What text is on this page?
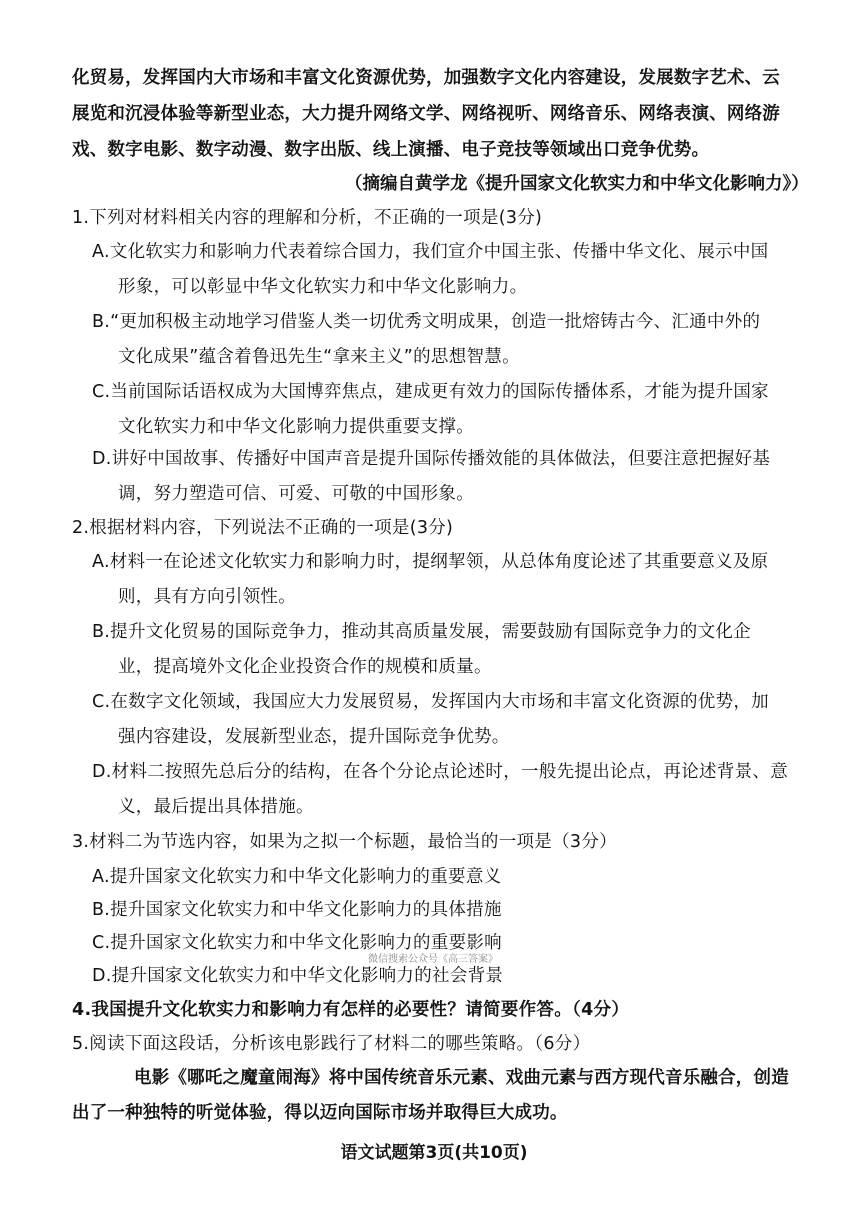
化贸易，发挥国内大市场和丰富文化资源优势，加强数字文化内容建设，发展数字艺术、云
展览和沉浸体验等新型业态，大力提升网络文学、网络视听、网络音乐、网络表演、网络游
戏、数字电影、数字动漫、数字出版、线上演播、电子竞技等领域出口竞争优势。
（摘编自黄学龙《提升国家文化软实力和中华文化影响力》）
1.下列对材料相关内容的理解和分析，不正确的一项是(3分)
A.文化软实力和影响力代表着综合国力，我们宣介中国主张、传播中华文化、展示中国
形象，可以彰显中华文化软实力和中华文化影响力。
B.“更加积极主动地学习借鉴人类一切优秀文明成果，创造一批熔铸古今、汇通中外的
文化成果”蕴含着鲁迅先生“拿来主义”的思想智慧。
C.当前国际话语权成为大国博弈焦点，建成更有效力的国际传播体系，才能为提升国家
文化软实力和中华文化影响力提供重要支撑。
D.讲好中国故事、传播好中国声音是提升国际传播效能的具体做法，但要注意把握好基
调，努力塑造可信、可爱、可敬的中国形象。
2.根据材料内容，下列说法不正确的一项是(3分)
A.材料一在论述文化软实力和影响力时，提纲挈领，从总体角度论述了其重要意义及原
则，具有方向引领性。
B.提升文化贸易的国际竞争力，推动其高质量发展，需要鼓励有国际竞争力的文化企
业，提高境外文化企业投资合作的规模和质量。
C.在数字文化领域，我国应大力发展贸易，发挥国内大市场和丰富文化资源的优势，加
强内容建设，发展新型业态，提升国际竞争优势。
D.材料二按照先总后分的结构，在各个分论点论述时，一般先提出论点，再论述背景、意
义，最后提出具体措施。
3.材料二为节选内容，如果为之拟一个标题，最恰当的一项是（3分）
A.提升国家文化软实力和中华文化影响力的重要意义
B.提升国家文化软实力和中华文化影响力的具体措施
C.提升国家文化软实力和中华文化影响力的重要影响
微信搜索公众号《高三答案》
D.提升国家文化软实力和中华文化影响力的社会背景
4.我国提升文化软实力和影响力有怎样的必要性？请简要作答。（4分）
5.阅读下面这段话，分析该电影践行了材料二的哪些策略。（6分）
电影《哪吒之魔童闹海》将中国传统音乐元素、戏曲元素与西方现代音乐融合，创造
出了一种独特的听觉体验，得以迈向国际市场并取得巨大成功。
语文试题第3页(共10页)
